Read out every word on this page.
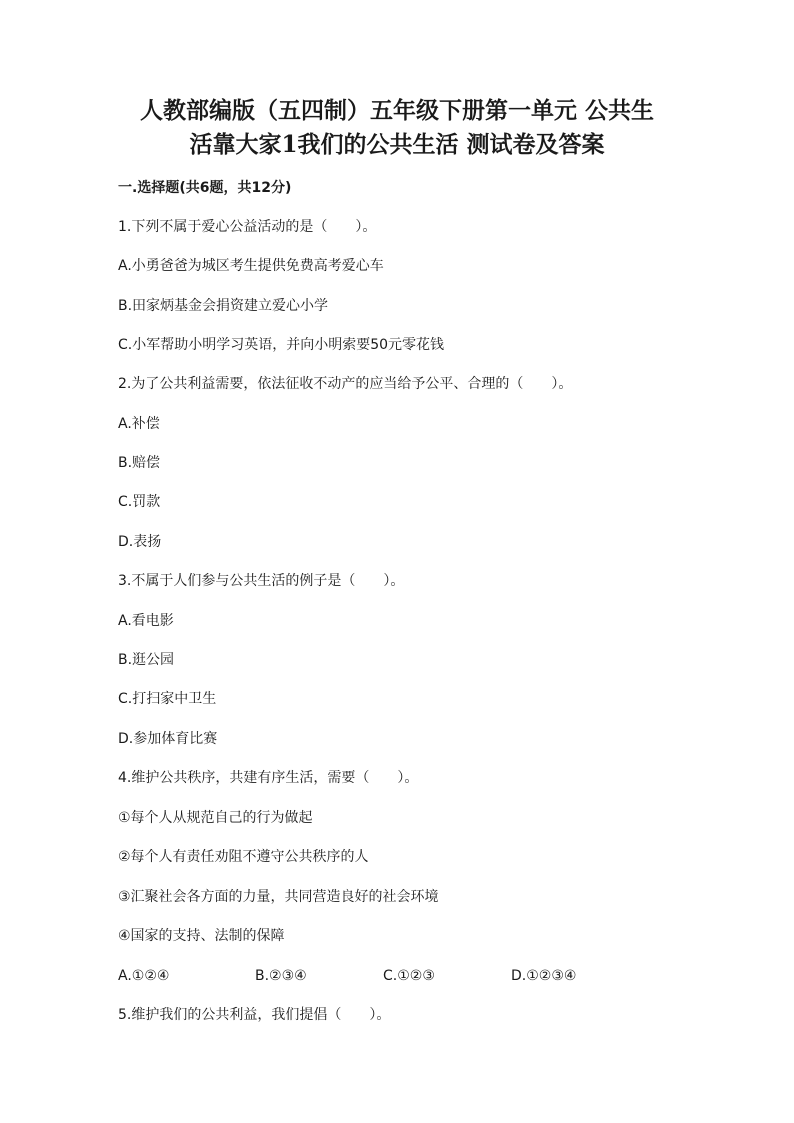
人教部编版（五四制）五年级下册第一单元 公共生
活靠大家1我们的公共生活 测试卷及答案
一.选择题(共6题，共12分)
1.下列不属于爱心公益活动的是（　　）。
A.小勇爸爸为城区考生提供免费高考爱心车
B.田家炳基金会捐资建立爱心小学
C.小军帮助小明学习英语，并向小明索要50元零花钱
2.为了公共利益需要，依法征收不动产的应当给予公平、合理的（　　）。
A.补偿
B.赔偿
C.罚款
D.表扬
3.不属于人们参与公共生活的例子是（　　）。
A.看电影
B.逛公园
C.打扫家中卫生
D.参加体育比赛
4.维护公共秩序，共建有序生活，需要（　　）。
①每个人从规范自己的行为做起
②每个人有责任劝阻不遵守公共秩序的人
③汇聚社会各方面的力量，共同营造良好的社会环境
④国家的支持、法制的保障
A.①②④	B.②③④	C.①②③	D.①②③④
5.维护我们的公共利益，我们提倡（　　）。
